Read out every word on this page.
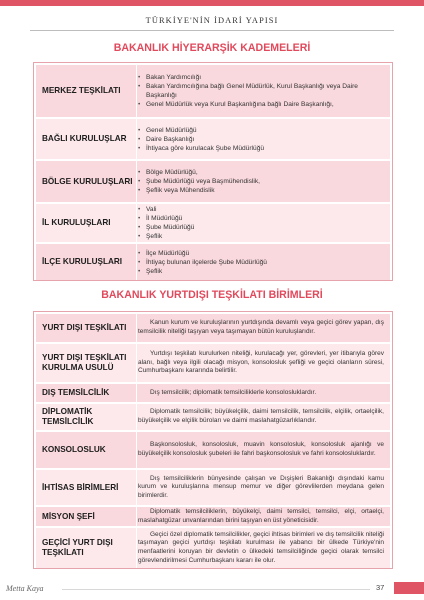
TÜRKİYE'NİN İDARİ YAPISI
BAKANLIK HİYERARŞİK KADEMELERİ
MERKEZ TEŞKİLATI
• Bakan Yardımcılığı
• Bakan Yardımcılığına bağlı Genel Müdürlük, Kurul Başkanlığı veya Daire Başkanlığı
• Genel Müdürlük veya Kurul Başkanlığına bağlı Daire Başkanlığı,
BAĞLI KURULUŞLAR
• Genel Müdürlüğü
• Daire Başkanlığı
• İhtiyaca göre kurulacak Şube Müdürlüğü
BÖLGE KURULUŞLARI
• Bölge Müdürlüğü,
• Şube Müdürlüğü veya Başmühendislik,
• Şeflik veya Mühendislik
İL KURULUŞLARI
• Vali
• İl Müdürlüğü
• Şube Müdürlüğü
• Şeflik
İLÇE KURULUŞLARI
• İlçe Müdürlüğü
• İhtiyaç bulunan ilçelerde Şube Müdürlüğü
• Şeflik
BAKANLIK YURTDIŞI TEŞKİLATI BİRİMLERİ
YURT DIŞI TEŞKİLATI
Kanun kurum ve kuruluşlarının yurtdışında devamlı veya geçici görev yapan, dış temsilcilik niteliği taşıyan veya taşımayan bütün kuruluşlarıdır.
YURT DIŞI TEŞKİLATI KURULMA USULÜ
Yurtdışı teşkilatı kurulurken niteliği, kurulacağı yer, görevleri, yer itibarıyla görev alanı, bağlı veya ilgili olacağı misyon, konsolosluk şefliği ve geçici olanların süresi, Cumhurbaşkanı kararında belirtilir.
DIŞ TEMSİLCİLİK	Dış temsilcilik; diplomatik temsilciliklerle konsolosluklardır.
DİPLOMATİK TEMSİLCİLİK
Diplomatik temsilcilik; büyükelçilik, daimi temsilcilik, temsilcilik, elçilik, ortaelçilik, büyükelçilik ve elçilik büroları ve daimi maslahatgüzarlıklarıdır.
KONSOLOSLUK
Başkonsolosluk, konsolosluk, muavin konsolosluk, konsolosluk ajanlığı ve büyükelçilik konsolosluk şubeleri ile fahri başkonsolosluk ve fahri konsolosluklardır.
İHTİSAS BİRİMLERİ
Dış temsilciliklerin bünyesinde çalışan ve Dışişleri Bakanlığı dışındaki kamu kurum ve kuruluşlarına mensup memur ve diğer görevlilerden meydana gelen birimlerdir.
MİSYON ŞEFİ
Diplomatik temsilciliklerin, büyükelçi, daimi temsilci, temsilci, elçi, ortaelçi, maslahatgüzar unvanlarından birini taşıyan en üst yöneticisidir.
GEÇİCİ YURT DIŞI TEŞKİLATI
Geçici özel diplomatik temsilcilikler, geçici ihtisas birimleri ve dış temsilcilik niteliği taşımayan geçici yurtdışı teşkilatı kurulması ile yabancı bir ülkede Türkiye'nin menfaatlerini koruyan bir devletin o ülkedeki temsilciliğinde geçici olarak temsilci görevlendirilmesi Cumhurbaşkanı kararı ile olur.
Metta Kaya	37
